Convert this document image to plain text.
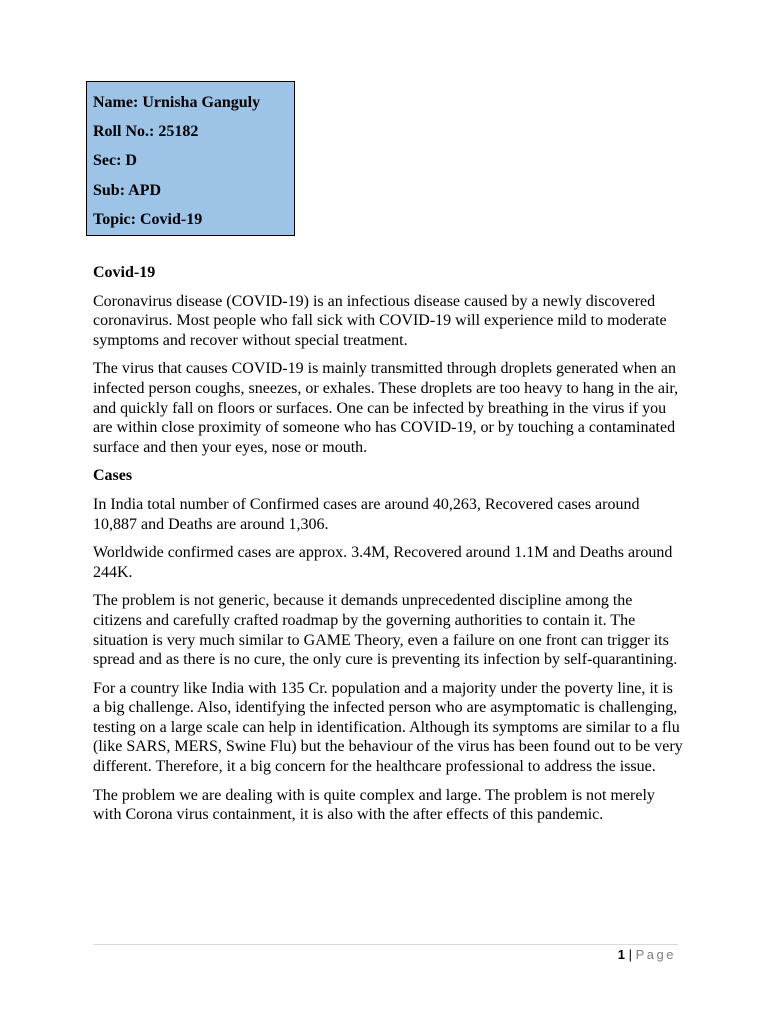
Name: Urnisha Ganguly
Roll No.: 25182
Sec: D
Sub: APD
Topic: Covid-19
Covid-19
Coronavirus disease (COVID-19) is an infectious disease caused by a newly discovered coronavirus. Most people who fall sick with COVID-19 will experience mild to moderate symptoms and recover without special treatment.
The virus that causes COVID-19 is mainly transmitted through droplets generated when an infected person coughs, sneezes, or exhales. These droplets are too heavy to hang in the air, and quickly fall on floors or surfaces. One can be infected by breathing in the virus if you are within close proximity of someone who has COVID-19, or by touching a contaminated surface and then your eyes, nose or mouth.
Cases
In India total number of Confirmed cases are around 40,263, Recovered cases around 10,887 and Deaths are around 1,306.
Worldwide confirmed cases are approx. 3.4M, Recovered around 1.1M and Deaths around 244K.
The problem is not generic, because it demands unprecedented discipline among the citizens and carefully crafted roadmap by the governing authorities to contain it. The situation is very much similar to GAME Theory, even a failure on one front can trigger its spread and as there is no cure, the only cure is preventing its infection by self-quarantining.
For a country like India with 135 Cr. population and a majority under the poverty line, it is a big challenge. Also, identifying the infected person who are asymptomatic is challenging, testing on a large scale can help in identification. Although its symptoms are similar to a flu (like SARS, MERS, Swine Flu) but the behaviour of the virus has been found out to be very different. Therefore, it a big concern for the healthcare professional to address the issue.
The problem we are dealing with is quite complex and large. The problem is not merely with Corona virus containment, it is also with the after effects of this pandemic.
1 | Page
